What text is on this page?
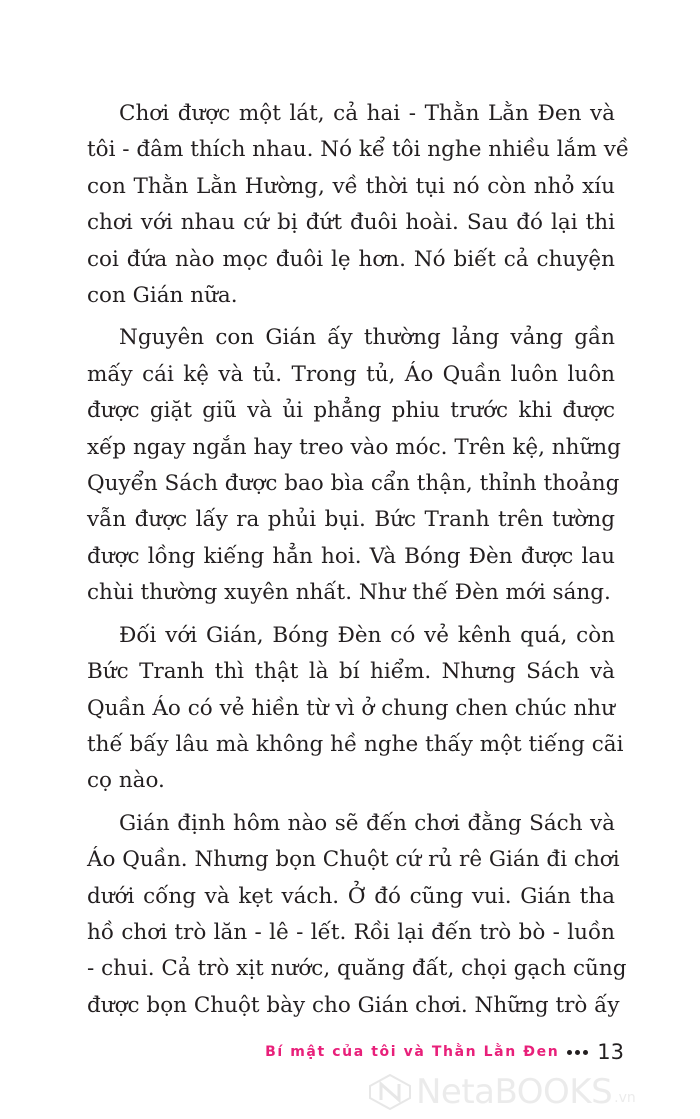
Chơi được một lát, cả hai - Thằn Lằn Đen và
tôi - đâm thích nhau. Nó kể tôi nghe nhiều lắm về
con Thằn Lằn Hường, về thời tụi nó còn nhỏ xíu
chơi với nhau cứ bị đứt đuôi hoài. Sau đó lại thi
coi đứa nào mọc đuôi lẹ hơn. Nó biết cả chuyện
con Gián nữa.

Nguyên con Gián ấy thường lảng vảng gần
mấy cái kệ và tủ. Trong tủ, Áo Quần luôn luôn
được giặt giũ và ủi phẳng phiu trước khi được
xếp ngay ngắn hay treo vào móc. Trên kệ, những
Quyển Sách được bao bìa cẩn thận, thỉnh thoảng
vẫn được lấy ra phủi bụi. Bức Tranh trên tường
được lồng kiếng hẳn hoi. Và Bóng Đèn được lau
chùi thường xuyên nhất. Như thế Đèn mới sáng.

Đối với Gián, Bóng Đèn có vẻ kênh quá, còn
Bức Tranh thì thật là bí hiểm. Nhưng Sách và
Quần Áo có vẻ hiền từ vì ở chung chen chúc như
thế bấy lâu mà không hề nghe thấy một tiếng cãi
cọ nào.

Gián định hôm nào sẽ đến chơi đằng Sách và
Áo Quần. Nhưng bọn Chuột cứ rủ rê Gián đi chơi
dưới cống và kẹt vách. Ở đó cũng vui. Gián tha
hồ chơi trò lăn - lê - lết. Rồi lại đến trò bò - luồn
- chui. Cả trò xịt nước, quăng đất, chọi gạch cũng
được bọn Chuột bày cho Gián chơi. Những trò ấy

Bí mật của tôi và Thằn Lằn Đen 13
NetaBOOKS .vn
